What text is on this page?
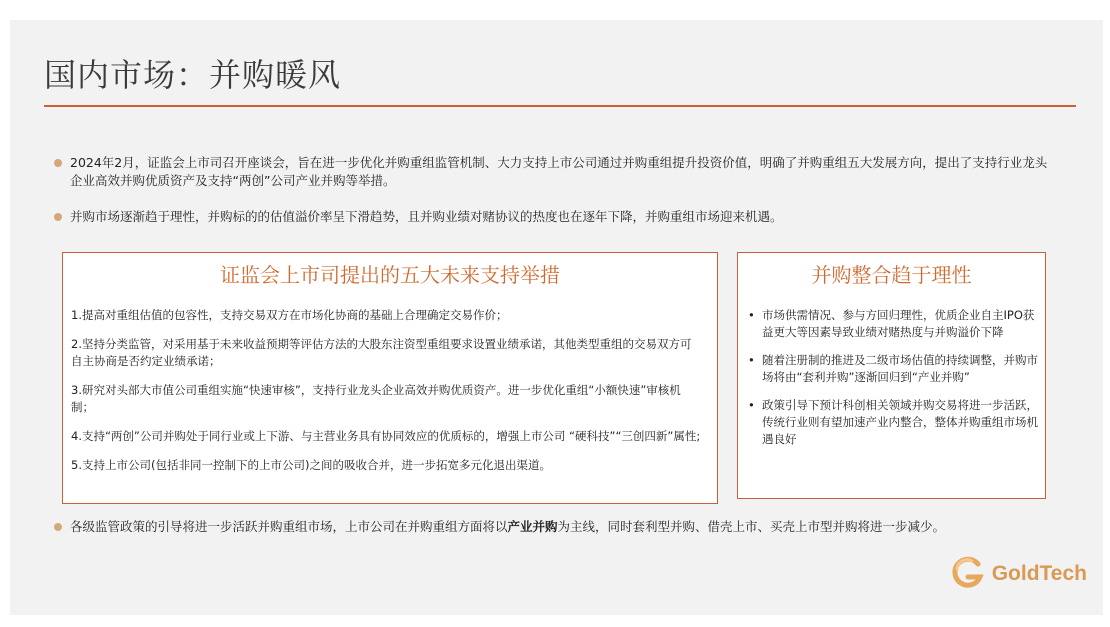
国内市场：并购暖风
2024年2月，证监会上市司召开座谈会，旨在进一步优化并购重组监管机制、大力支持上市公司通过并购重组提升投资价值，明确了并购重组五大发展方向，提出了支持行业龙头企业高效并购优质资产及支持“两创”公司产业并购等举措。
并购市场逐渐趋于理性，并购标的的估值溢价率呈下滑趋势，且并购业绩对赌协议的热度也在逐年下降，并购重组市场迎来机遇。
证监会上市司提出的五大未来支持举措
1.提高对重组估值的包容性，支持交易双方在市场化协商的基础上合理确定交易作价；
2.坚持分类监管，对采用基于未来收益预期等评估方法的大股东注资型重组要求设置业绩承诺，其他类型重组的交易双方可自主协商是否约定业绩承诺；
3.研究对头部大市值公司重组实施“快速审核”，支持行业龙头企业高效并购优质资产。进一步优化重组“小额快速”审核机制；
4.支持“两创”公司并购处于同行业或上下游、与主营业务具有协同效应的优质标的，增强上市公司 “硬科技”“三创四新”属性;
5.支持上市公司(包括非同一控制下的上市公司)之间的吸收合并，进一步拓宽多元化退出渠道。
并购整合趋于理性
• 市场供需情况、参与方回归理性，优质企业自主IPO获益更大等因素导致业绩对赌热度与并购溢价下降
• 随着注册制的推进及二级市场估值的持续调整，并购市场将由“套利并购”逐渐回归到“产业并购”
• 政策引导下预计科创相关领域并购交易将进一步活跃，传统行业则有望加速产业内整合，整体并购重组市场机遇良好
各级监管政策的引导将进一步活跃并购重组市场，上市公司在并购重组方面将以产业并购为主线，同时套利型并购、借壳上市、买壳上市型并购将进一步减少。
GoldTech
